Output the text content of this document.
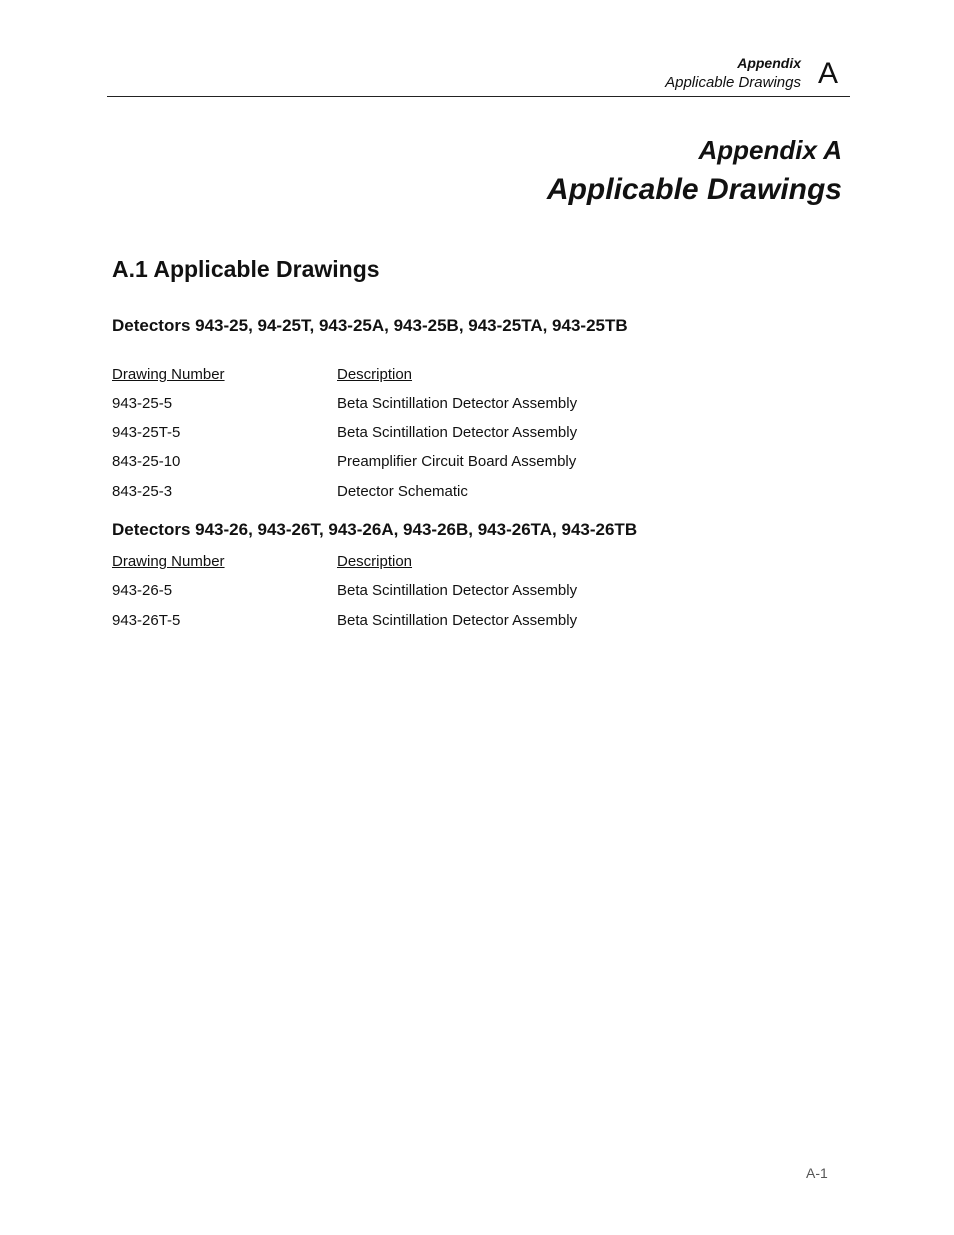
Appendix
Applicable Drawings A
Appendix A
Applicable Drawings
A.1 Applicable Drawings
Detectors 943-25, 94-25T, 943-25A, 943-25B, 943-25TA, 943-25TB
Drawing Number	Description
943-25-5	Beta Scintillation Detector Assembly
943-25T-5	Beta Scintillation Detector Assembly
843-25-10	Preamplifier Circuit Board Assembly
843-25-3	Detector Schematic
Detectors 943-26, 943-26T, 943-26A, 943-26B, 943-26TA, 943-26TB
Drawing Number	Description
943-26-5	Beta Scintillation Detector Assembly
943-26T-5	Beta Scintillation Detector Assembly
A-1
